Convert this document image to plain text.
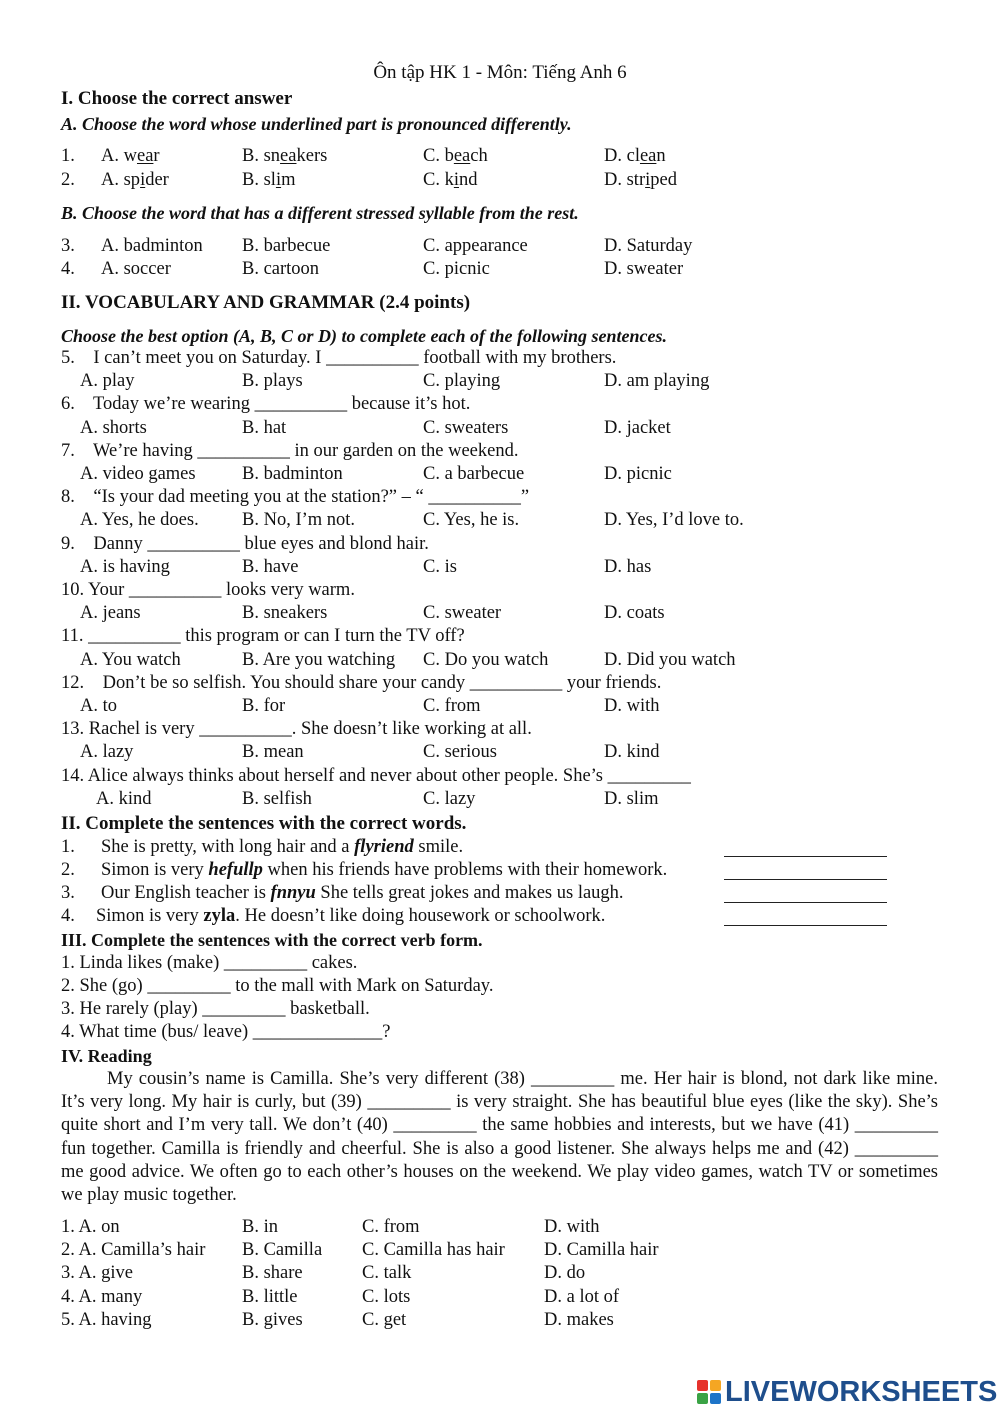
Ôn tập HK 1 - Môn: Tiếng Anh 6
I. Choose the correct answer
A. Choose the word whose underlined part is pronounced differently.
1. A. wear	B. sneakers	C. beach	D. clean
2. A. spider	B. slim	C. kind	D. striped
B. Choose the word that has a different stressed syllable from the rest.
3. A. badminton B. barbecue	C. appearance	D. Saturday
4. A. soccer	B. cartoon	C. picnic	D. sweater
II. VOCABULARY AND GRAMMAR (2.4 points)
Choose the best option (A, B, C or D) to complete each of the following sentences.
5.    I can’t meet you on Saturday. I __________ football with my brothers.
A. play	B. plays	C. playing	D. am playing
6.    Today we’re wearing __________ because it’s hot.
A. shorts	B. hat	C. sweaters	D. jacket
7.    We’re having __________ in our garden on the weekend.
A. video games	B. badminton	C. a barbecue	D. picnic
8.    “Is your dad meeting you at the station?” – “ __________”
A. Yes, he does. B. No, I’m not.	C. Yes, he is.	D. Yes, I’d love to.
9.    Danny __________ blue eyes and blond hair.
A. is having	B. have	C. is	D. has
10. Your __________ looks very warm.
A. jeans	B. sneakers	C. sweater	D. coats
11. __________ this program or can I turn the TV off?
A. You watch	B. Are you watching C. Do you watch	D. Did you watch
12.    Don’t be so selfish. You should share your candy __________ your friends.
A. to	B. for	C. from	D. with
13. Rachel is very __________. She doesn’t like working at all.
A. lazy	B. mean	C. serious	D. kind
14. Alice always thinks about herself and never about other people. She’s _________
A. kind	B. selfish	C. lazy	D. slim
II. Complete the sentences with the correct words.
1. She is pretty, with long hair and a flyriend smile.
2. Simon is very hefullp when his friends have problems with their homework.
3. Our English teacher is fnnyu She tells great jokes and makes us laugh.
4. Simon is very zyla. He doesn’t like doing housework or schoolwork.
III. Complete the sentences with the correct verb form.
1. Linda likes (make) _________ cakes.
2. She (go) _________ to the mall with Mark on Saturday.
3. He rarely (play) _________ basketball.
4. What time (bus/ leave) ______________?
IV. Reading
My cousin’s name is Camilla. She’s very different (38) _________ me. Her hair is blond, not dark like mine. It’s very long. My hair is curly, but (39) _________ is very straight. She has beautiful blue eyes (like the sky). She’s quite short and I’m very tall. We don’t (40) _________ the same hobbies and interests, but we have (41) _________ fun together. Camilla is friendly and cheerful. She is also a good listener. She always helps me and (42) _________ me good advice. We often go to each other’s houses on the weekend. We play video games, watch TV or sometimes we play music together.
1. A. on	B. in	C. from	D. with
2. A. Camilla’s hair B. Camilla C. Camilla has hair D. Camilla hair
3. A. give	B. share	C. talk	D. do
4. A. many	B. little	C. lots	D. a lot of
5. A. having	B. gives	C. get	D. makes
LIVEWORKSHEETS
